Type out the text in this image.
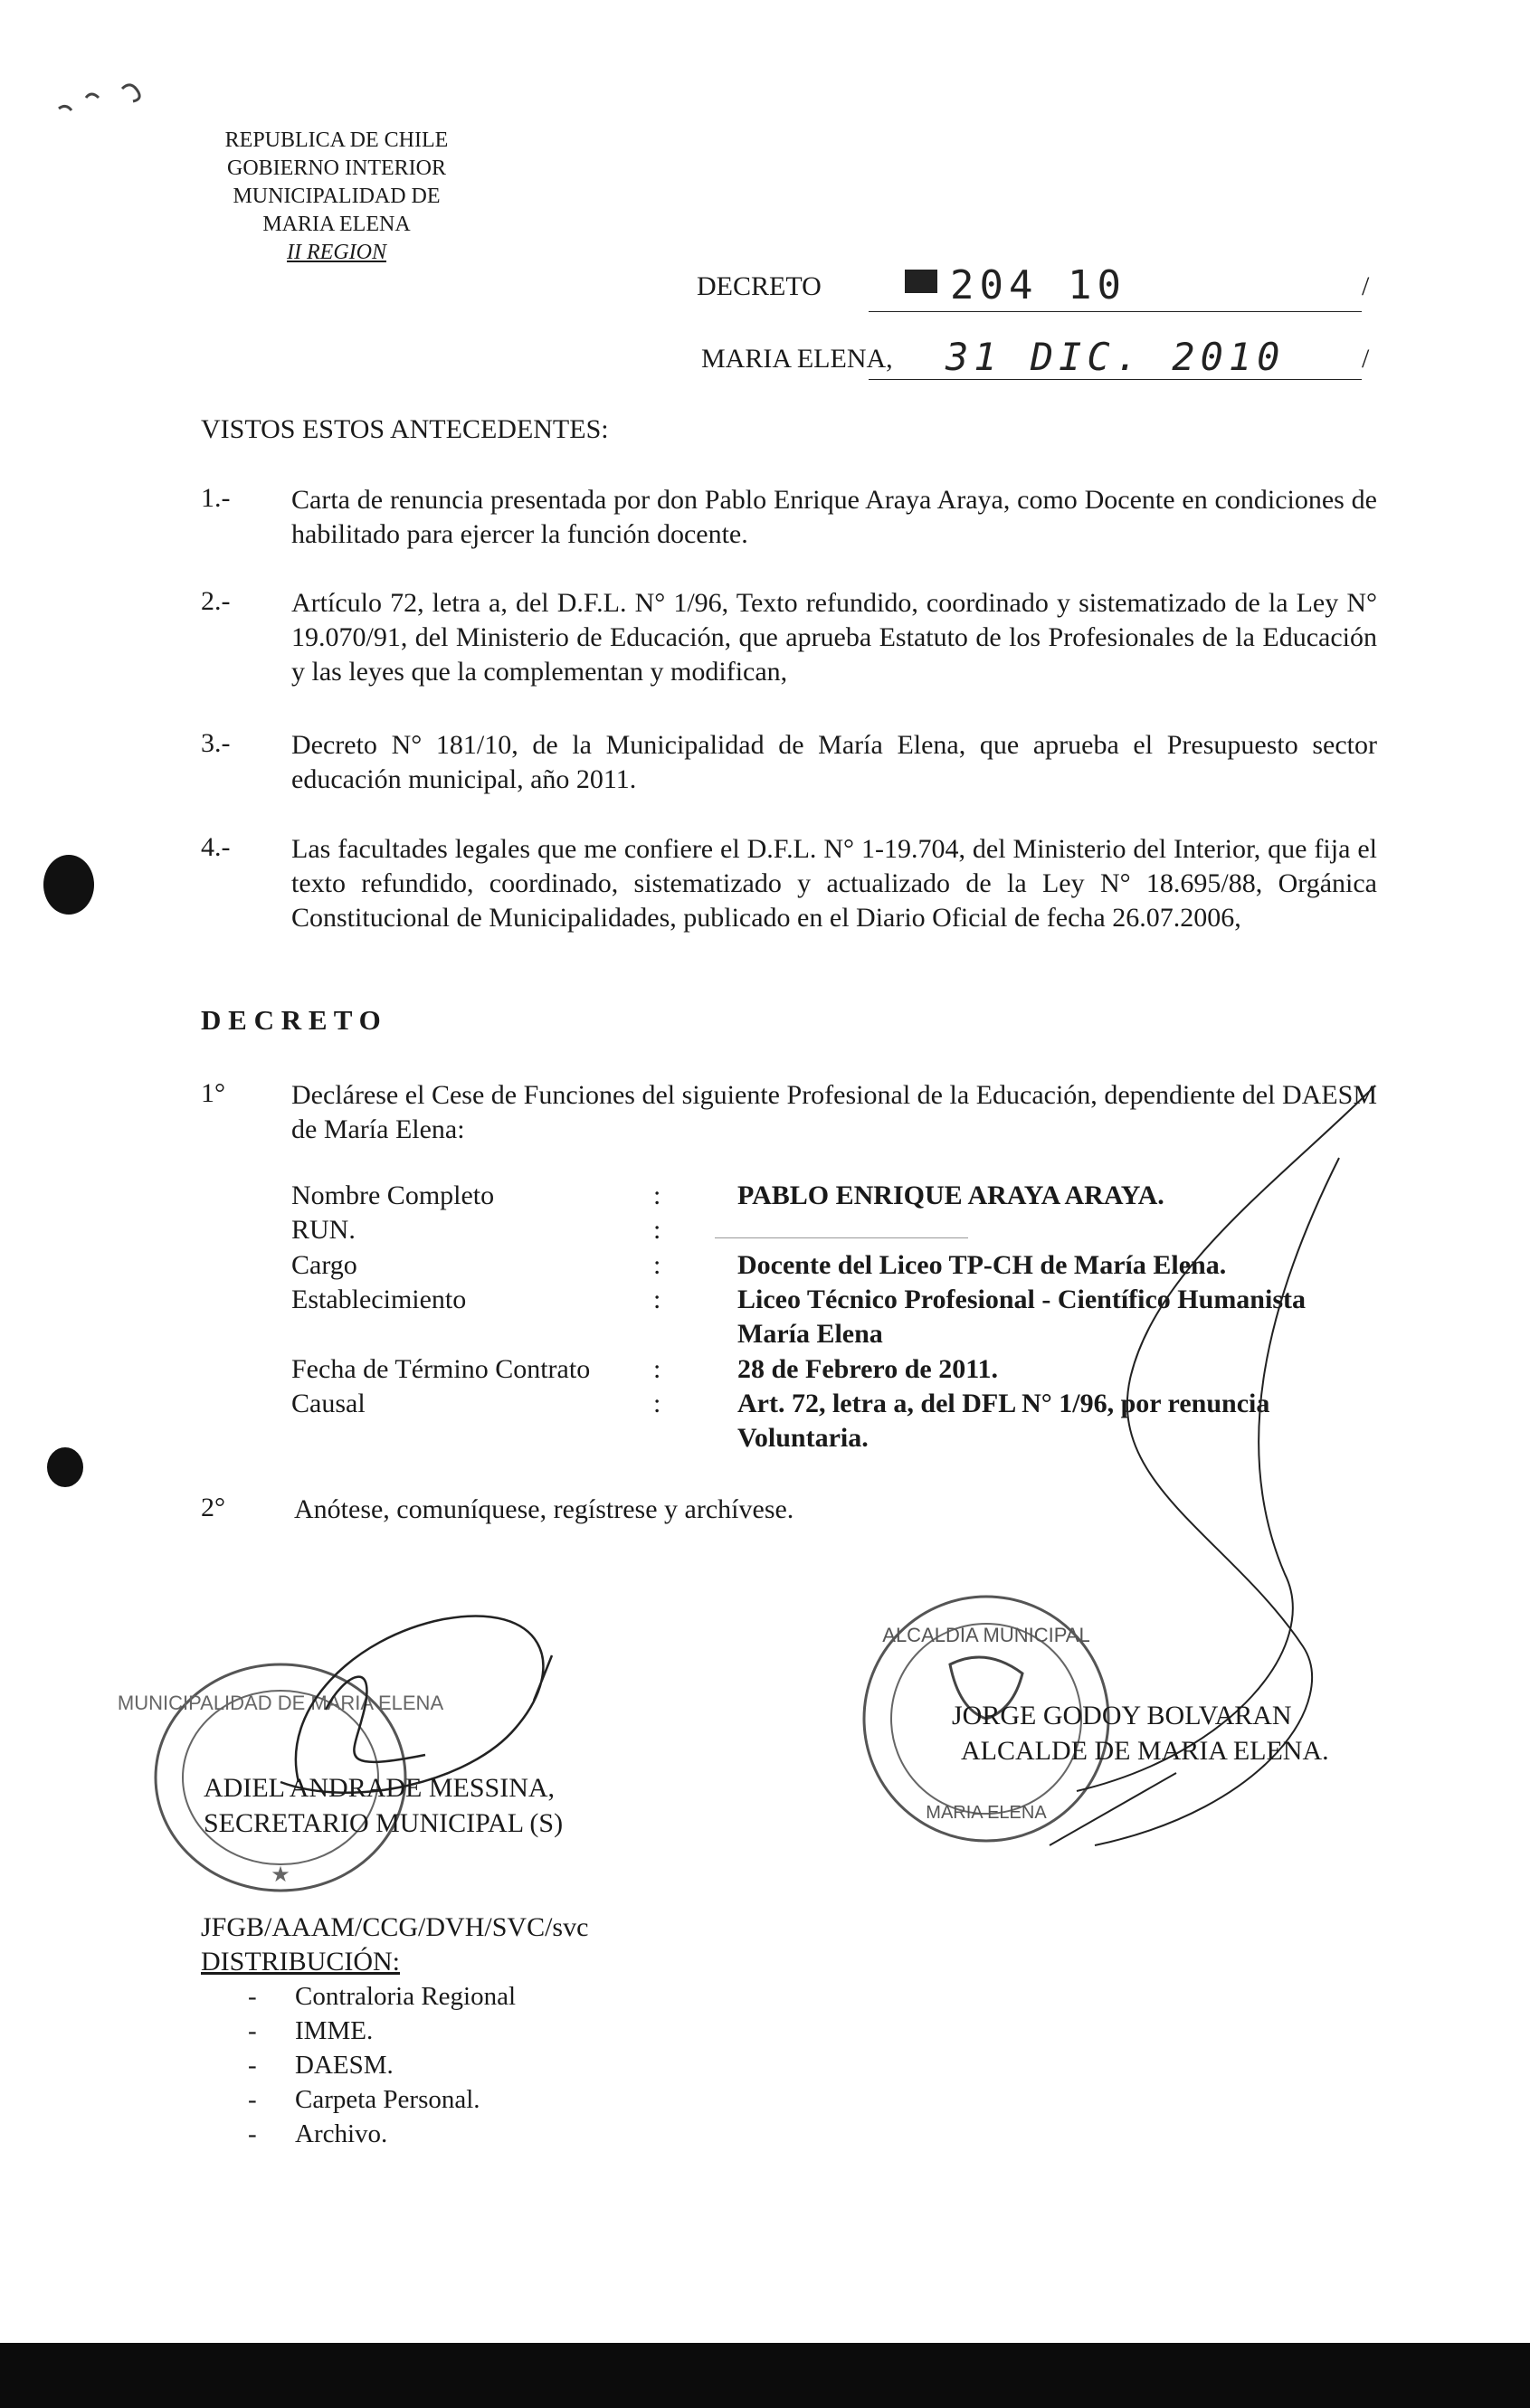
REPUBLICA DE CHILE
GOBIERNO INTERIOR
MUNICIPALIDAD DE
MARIA ELENA
II REGION
DECRETO	204 10	/
MARIA ELENA, 31 DIC. 2010	/
VISTOS ESTOS ANTECEDENTES:
1.- Carta de renuncia presentada por don Pablo Enrique Araya Araya, como Docente en condiciones de habilitado para ejercer la función docente.
2.- Artículo 72, letra a, del D.F.L. N° 1/96, Texto refundido, coordinado y sistematizado de la Ley N° 19.070/91, del Ministerio de Educación, que aprueba Estatuto de los Profesionales de la Educación y las leyes que la complementan y modifican,
3.- Decreto N° 181/10, de la Municipalidad de María Elena, que aprueba el Presupuesto sector educación municipal, año 2011.
4.- Las facultades legales que me confiere el D.F.L. N° 1-19.704, del Ministerio del Interior, que fija el texto refundido, coordinado, sistematizado y actualizado de la Ley N° 18.695/88, Orgánica Constitucional de Municipalidades, publicado en el Diario Oficial de fecha 26.07.2006,
D E C R E T O
1° Declárese el Cese de Funciones del siguiente Profesional de la Educación, dependiente del DAESM de María Elena:
Nombre Completo	:	PABLO ENRIQUE ARAYA ARAYA.
RUN.	:
Cargo	:	Docente del Liceo TP-CH de María Elena.
Establecimiento	:	Liceo Técnico Profesional - Científico Humanista María Elena
Fecha de Término Contrato :	28 de Febrero de 2011.
Causal	:	Art. 72, letra a, del DFL N° 1/96, por renuncia Voluntaria.
2°	Anótese, comuníquese, regístrese y archívese.
MUNICIPALIDAD DE MARIA ELENA
★
ADIEL ANDRADE MESSINA,
SECRETARIO MUNICIPAL (S)
ALCALDIA MUNICIPAL
MARIA ELENA
JORGE GODOY BOLVARAN
ALCALDE DE MARIA ELENA.
JFGB/AAAM/CCG/DVH/SVC/svc
DISTRIBUCIÓN:
- Contraloria Regional
- IMME.
- DAESM.
- Carpeta Personal.
- Archivo.
